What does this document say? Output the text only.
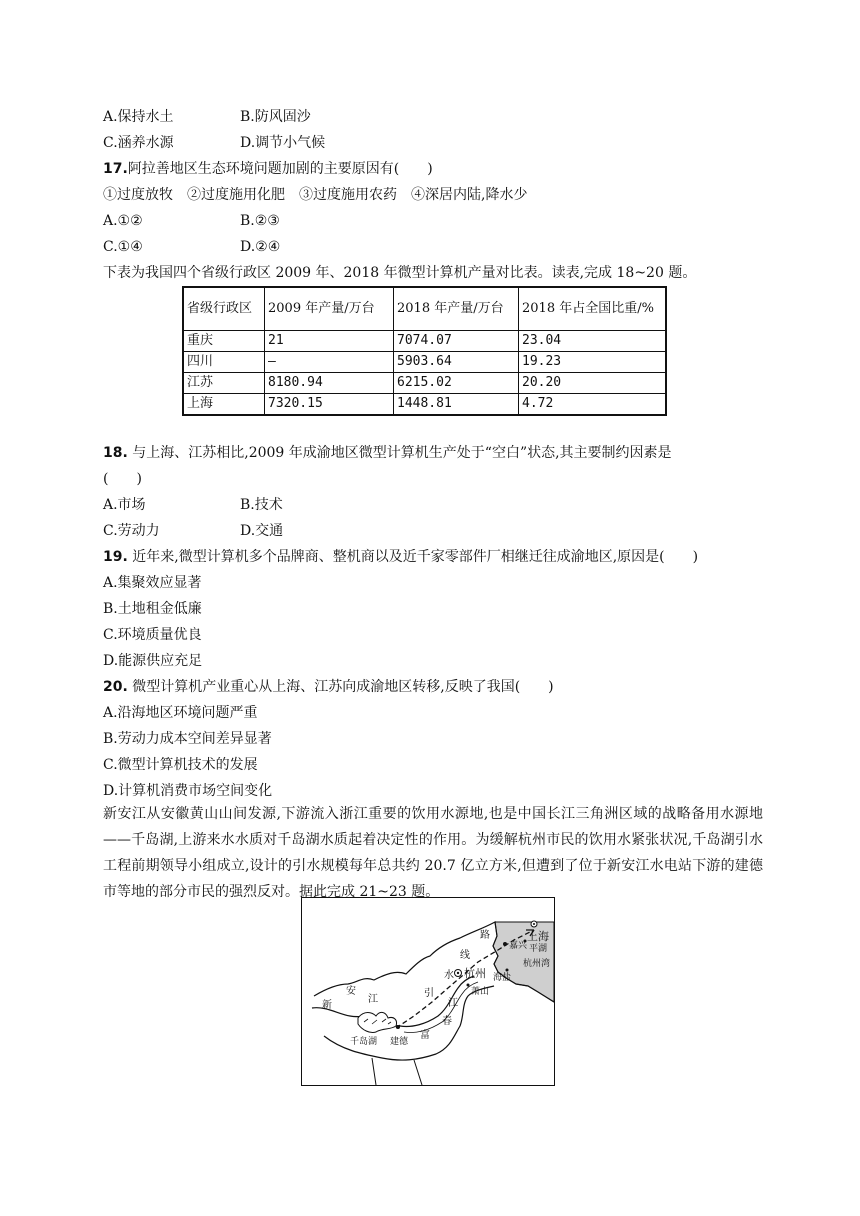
A.保持水土	B.防风固沙
C.涵养水源	D.调节小气候
17.阿拉善地区生态环境问题加剧的主要原因有(　　)
①过度放牧　②过度施用化肥　③过度施用农药　④深居内陆,降水少
A.①②	B.②③
C.①④	D.②④
下表为我国四个省级行政区 2009 年、2018 年微型计算机产量对比表。读表,完成 18~20 题。
省级行政区	2009 年产量/万台	2018 年产量/万台	2018 年占全国比重/%
重庆	21	7074.07	23.04
四川	—	5903.64	19.23
江苏	8180.94	6215.02	20.20
上海	7320.15	1448.81	4.72
18. 与上海、江苏相比,2009 年成渝地区微型计算机生产处于“空白”状态,其主要制约因素是
(　　)
A.市场	B.技术
C.劳动力	D.交通
19. 近年来,微型计算机多个品牌商、整机商以及近千家零部件厂相继迁往成渝地区,原因是(　　)
A.集聚效应显著
B.土地租金低廉
C.环境质量优良
D.能源供应充足
20. 微型计算机产业重心从上海、江苏向成渝地区转移,反映了我国(　　)
A.沿海地区环境问题严重
B.劳动力成本空间差异显著
C.微型计算机技术的发展
D.计算机消费市场空间变化
新安江从安徽黄山山间发源,下游流入浙江重要的饮用水源地,也是中国长江三角洲区域的战略备用水源地——千岛湖,上游来水水质对千岛湖水质起着决定性的作用。为缓解杭州市民的饮用水紧张状况,千岛湖引水工程前期领导小组成立,设计的引水规模每年总共约 20.7 亿立方米,但遭到了位于新安江水电站下游的建德市等地的部分市民的强烈反对。据此完成 21~23 题。
上海
嘉兴 平湖
杭州湾
海盐
杭州
萧山
千岛湖 建德
引
水
线
路
新
安
江
富
春
江
